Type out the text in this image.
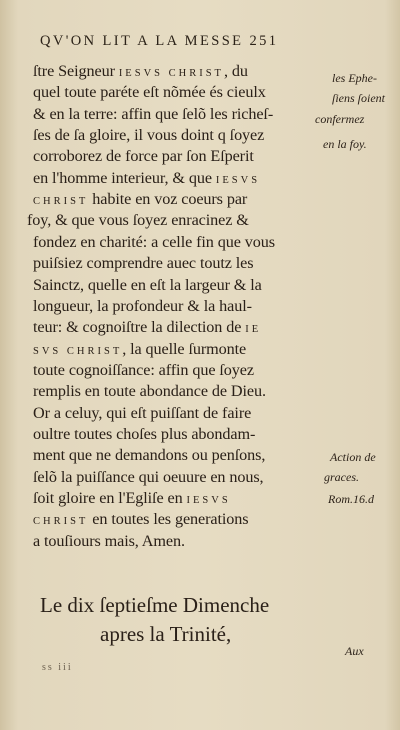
QV'ON LIT A LA MESSE 251
ſtre Seigneur IESVS CHRIST, du
quel toute paréte eſt nõmée és cieulx
& en la terre: affin que ſelõ les richeſ-
ſes de ſa gloire, il vous doint q ſoyez
corroborez de force par ſon Eſperit
en l'homme interieur, & que IESVS
CHRIST habite en voz coeurs par
foy, & que vous ſoyez enracinez &
fondez en charité: a celle fin que vous
puiſsiez comprendre auec toutz les
Sainctz, quelle en eſt la largeur & la
longueur, la profondeur & la haul-
teur: & cognoiſtre la dilection de IE
SVS CHRIST, la quelle ſurmonte
toute cognoiſſance: affin que ſoyez
remplis en toute abondance de Dieu.
Or a celuy, qui eſt puiſſant de faire
oultre toutes choſes plus abondam-
ment que ne demandons ou penſons,
ſelõ la puiſſance qui oeuure en nous,
ſoit gloire en l'Egliſe en IESVS
CHRIST en toutes les generations
a touſiours mais, Amen.
les Ephe-
ſiens ſoient
confermez
en la foy.
Action de
graces.
Rom.16.d
Le dix ſeptieſme Dimenche
apres la Trinité,
Aux
ss iii
